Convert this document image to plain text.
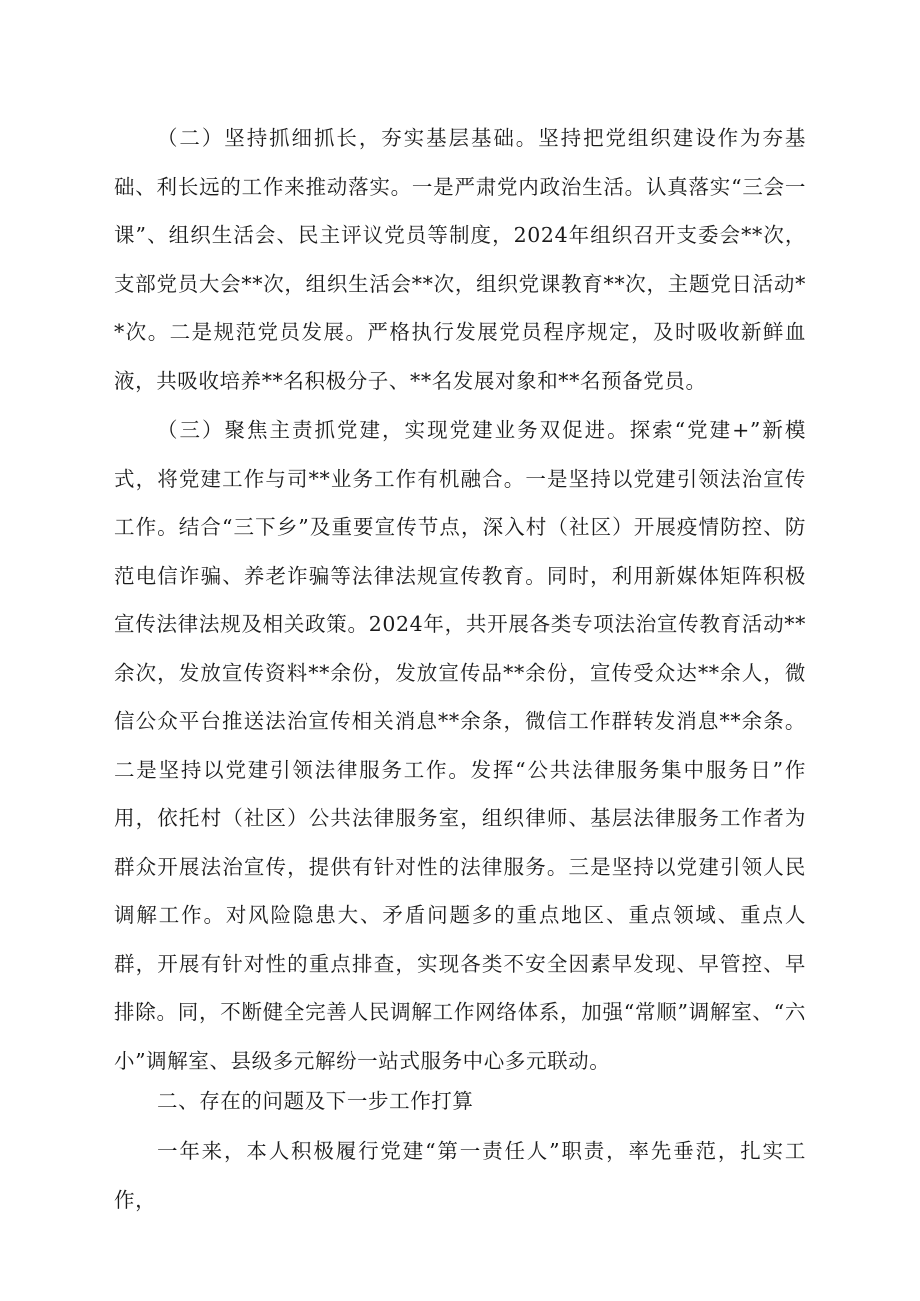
（二）坚持抓细抓长，夯实基层基础。坚持把党组织建设作为夯基础、利长远的工作来推动落实。一是严肃党内政治生活。认真落实“三会一课”、组织生活会、民主评议党员等制度，2024年组织召开支委会**次，支部党员大会**次，组织生活会**次，组织党课教育**次，主题党日活动**次。二是规范党员发展。严格执行发展党员程序规定，及时吸收新鲜血液，共吸收培养**名积极分子、**名发展对象和**名预备党员。

（三）聚焦主责抓党建，实现党建业务双促进。探索“党建+”新模式，将党建工作与司**业务工作有机融合。一是坚持以党建引领法治宣传工作。结合“三下乡”及重要宣传节点，深入村（社区）开展疫情防控、防范电信诈骗、养老诈骗等法律法规宣传教育。同时，利用新媒体矩阵积极宣传法律法规及相关政策。2024年，共开展各类专项法治宣传教育活动**余次，发放宣传资料**余份，发放宣传品**余份，宣传受众达**余人，微信公众平台推送法治宣传相关消息**余条，微信工作群转发消息**余条。二是坚持以党建引领法律服务工作。发挥“公共法律服务集中服务日”作用，依托村（社区）公共法律服务室，组织律师、基层法律服务工作者为群众开展法治宣传，提供有针对性的法律服务。三是坚持以党建引领人民调解工作。对风险隐患大、矛盾问题多的重点地区、重点领域、重点人群，开展有针对性的重点排查，实现各类不安全因素早发现、早管控、早排除。同，不断健全完善人民调解工作网络体系，加强“常顺”调解室、“六小”调解室、县级多元解纷一站式服务中心多元联动。

二、存在的问题及下一步工作打算

一年来，本人积极履行党建“第一责任人”职责，率先垂范，扎实工作，
